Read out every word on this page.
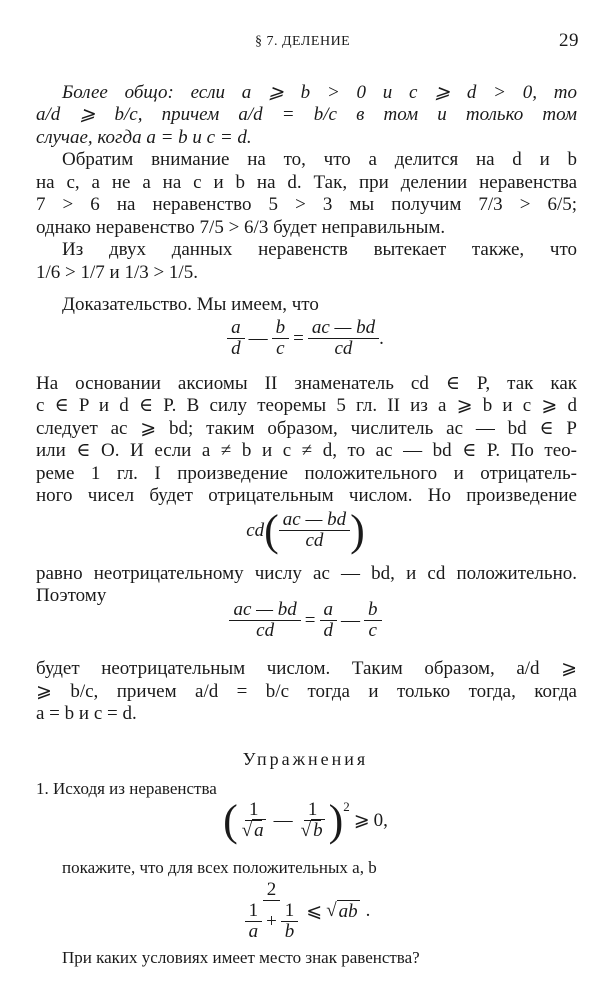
§ 7. ДЕЛЕНИЕ	29
Более общо: если a ⩾ b > 0 и c ⩾ d > 0, то
a/d ⩾ b/c, причем a/d = b/c в том и только том
случае, когда a = b и c = d.
Обратим внимание на то, что a делится на d и b
на c, а не a на c и b на d. Так, при делении неравенства
7 > 6 на неравенство 5 > 3 мы получим 7/3 > 6/5;
однако неравенство 7/5 > 6/3 будет неправильным.
Из двух данных неравенств вытекает также, что
1/6 > 1/7 и 1/3 > 1/5.
Доказательство. Мы имеем, что
$\frac{a}{d}$ — $\frac{b}{c} = \frac{ac — bd}{cd}$ .
На основании аксиомы II знаменатель cd ∈ P, так как
c ∈ P и d ∈ P. В силу теоремы 5 гл. II из a ⩾ b и c ⩾ d
следует ac ⩾ bd; таким образом, числитель ac — bd ∈ P
или ∈ O. И если a ≠ b и c ≠ d, то ac — bd ∈ P. По тео-
реме 1 гл. I произведение положительного и отрицатель-
ного чисел будет отрицательным числом. Но произведение
cd ( $\frac{ac — bd}{cd}$ )
равно неотрицательному числу ac — bd, и cd положительно.
Поэтому
$\frac{ac — bd}{cd} = \frac{a}{d}$ — $\frac{b}{c}$
будет неотрицательным числом. Таким образом, a/d ⩾
⩾ b/c, причем a/d = b/c тогда и только тогда, когда
a = b и c = d.
Упражнения
1. Исходя из неравенства
( $\frac{1}{√ a}$ — $\frac{1}{√ b}$ ) 2
⩾ 0,
покажите, что для всех положительных a, b
$\frac{2}{\frac{1}{a} + \frac{1}{b}}$ ⩽ √ ab .
При каких условиях имеет место знак равенства?
